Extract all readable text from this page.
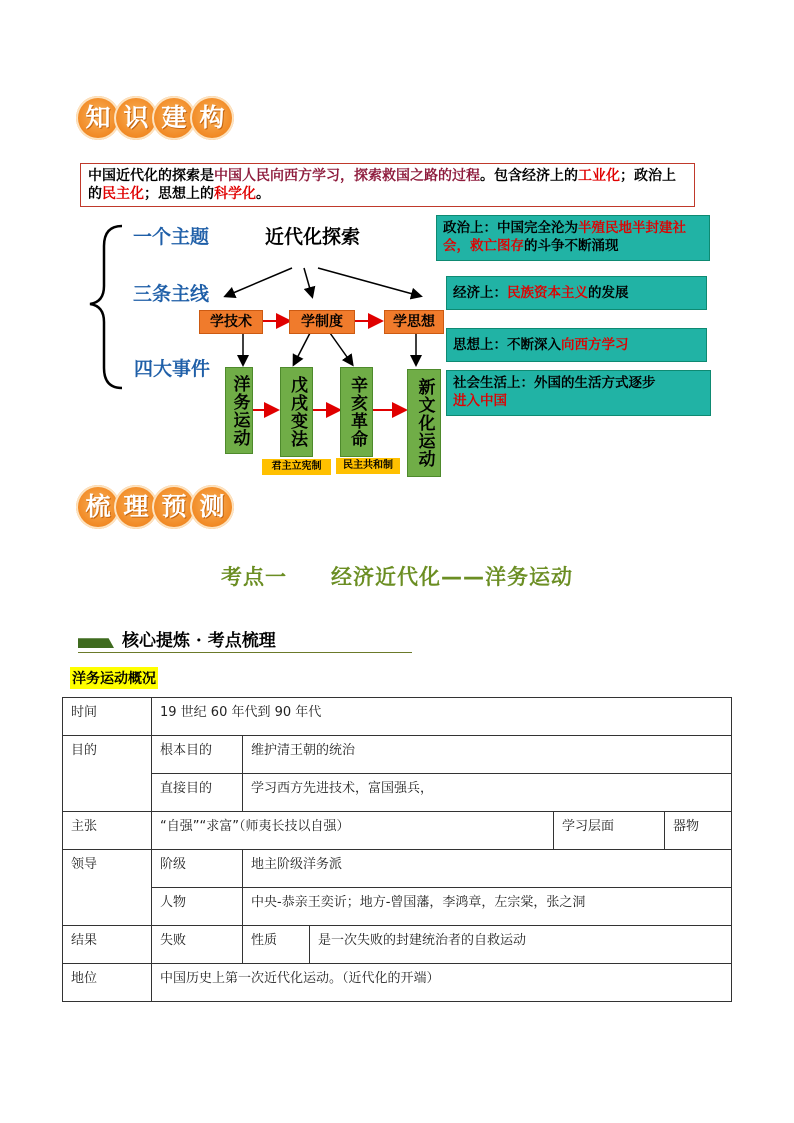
知 识 建 构
中国近代化的探索是中国人民向西方学习，探索救国之路的过程。包含经济上的工业化；政治上的民主化；思想上的科学化。
一个主题	近代化探索
三条主线
四大事件
学技术	学制度	学思想
洋务运动	戊戌变法	辛亥革命	新文化运动
君主立宪制	民主共和制
政治上：中国完全沦为半殖民地半封建社会，救亡图存的斗争不断涌现
经济上：民族资本主义的发展
思想上：不断深入向西方学习
社会生活上：外国的生活方式逐步
进入中国
梳 理 预 测
考点一　　经济近代化——洋务运动
核心提炼 · 考点梳理
洋务运动概况
时间	19 世纪 60 年代到 90 年代			
目的	根本目的	维护清王朝的统治		
	直接目的	学习西方先进技术，富国强兵，		
主张	“自强”“求富”（师夷长技以自强）		学习层面	器物
领导	阶级	地主阶级洋务派		
	人物	中央-恭亲王奕䜣；地方-曾国藩，李鸿章，左宗棠，张之洞		
结果	失败	性质 是一次失败的封建统治者的自救运动		

地位	中国历史上第一次近代化运动。（近代化的开端）			
